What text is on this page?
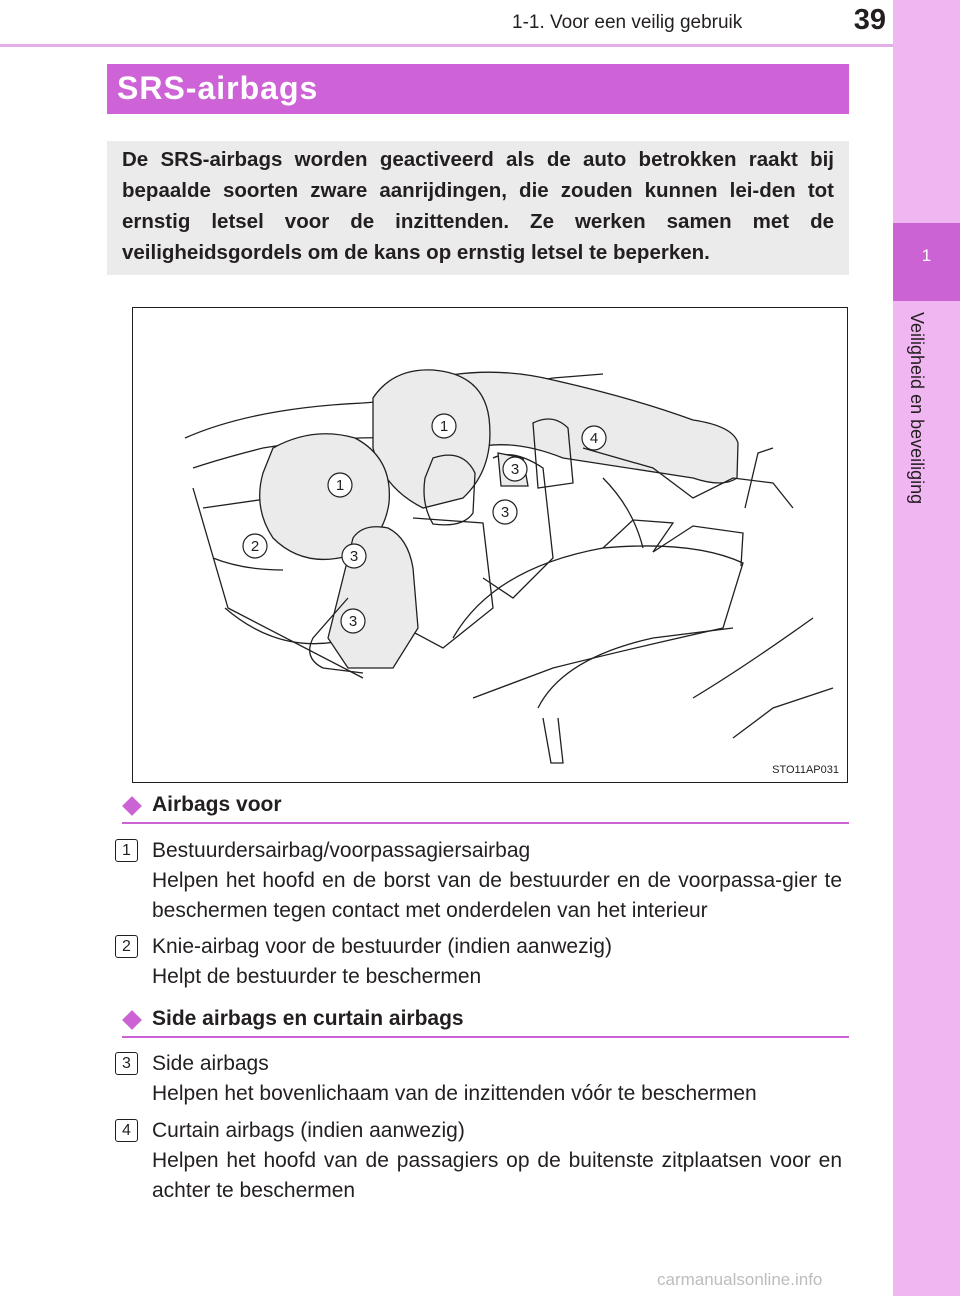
1-1. Voor een veilig gebruik	39
1
Veiligheid en beveiliging
SRS-airbags
De SRS-airbags worden geactiveerd als de auto betrokken raakt bij bepaalde soorten zware aanrijdingen, die zouden kunnen lei-den tot ernstig letsel voor de inzittenden. Ze werken samen met de veiligheidsgordels om de kans op ernstig letsel te beperken.
1
1
2
3
3
3
3
4
STO11AP031
Airbags voor
1	Bestuurdersairbag/voorpassagiersairbag
Helpen het hoofd en de borst van de bestuurder en de voorpassa-gier te beschermen tegen contact met onderdelen van het interieur
2	Knie-airbag voor de bestuurder (indien aanwezig)
Helpt de bestuurder te beschermen
Side airbags en curtain airbags
3	Side airbags
Helpen het bovenlichaam van de inzittenden vóór te beschermen
4	Curtain airbags (indien aanwezig)
Helpen het hoofd van de passagiers op de buitenste zitplaatsen voor en achter te beschermen
carmanualsonline.info
